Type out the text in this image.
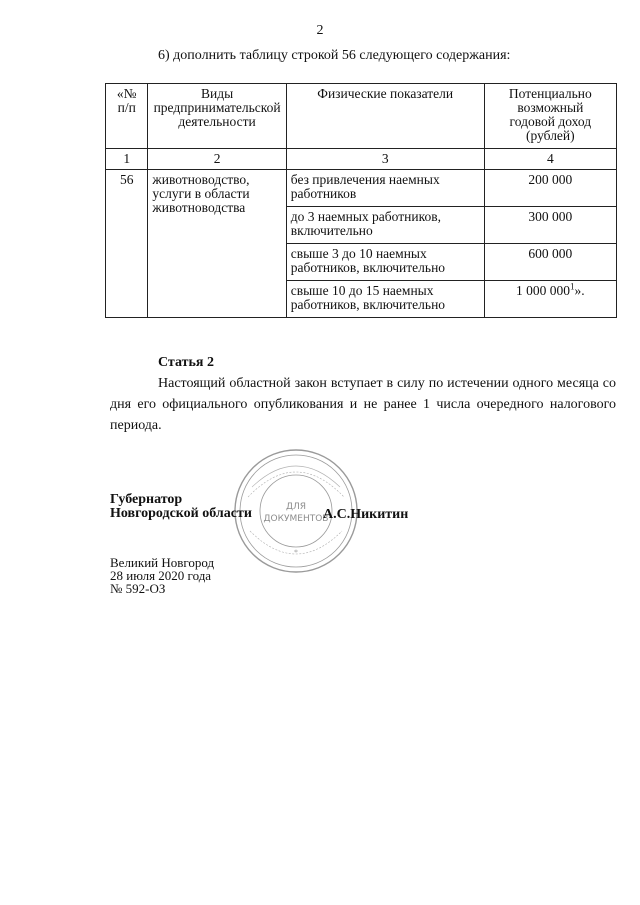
2
6) дополнить таблицу строкой 56 следующего содержания:
«№
п/п	Виды
предпринимательской
деятельности	Физические показатели	Потенциально
возможный
годовой доход
(рублей)
1	2	3	4
56	животноводство, услуги в области животноводства	без привлечения наемных работников	200 000
		до 3 наемных работников, включительно	300 000
		свыше 3 до 10 наемных работников, включительно	600 000
		свыше 10 до 15 наемных работников, включительно	1 000 $000^1$».
Статья 2

Настоящий областной закон вступает в силу по истечении одного месяца со дня его официального опубликования и не ранее 1 числа очередного налогового периода.

ДЛЯ
ДОКУМЕНТОВ
*
Губернатор
Новгородской области	А.С.Никитин
Великий Новгород
28 июля 2020 года
№ 592-ОЗ
